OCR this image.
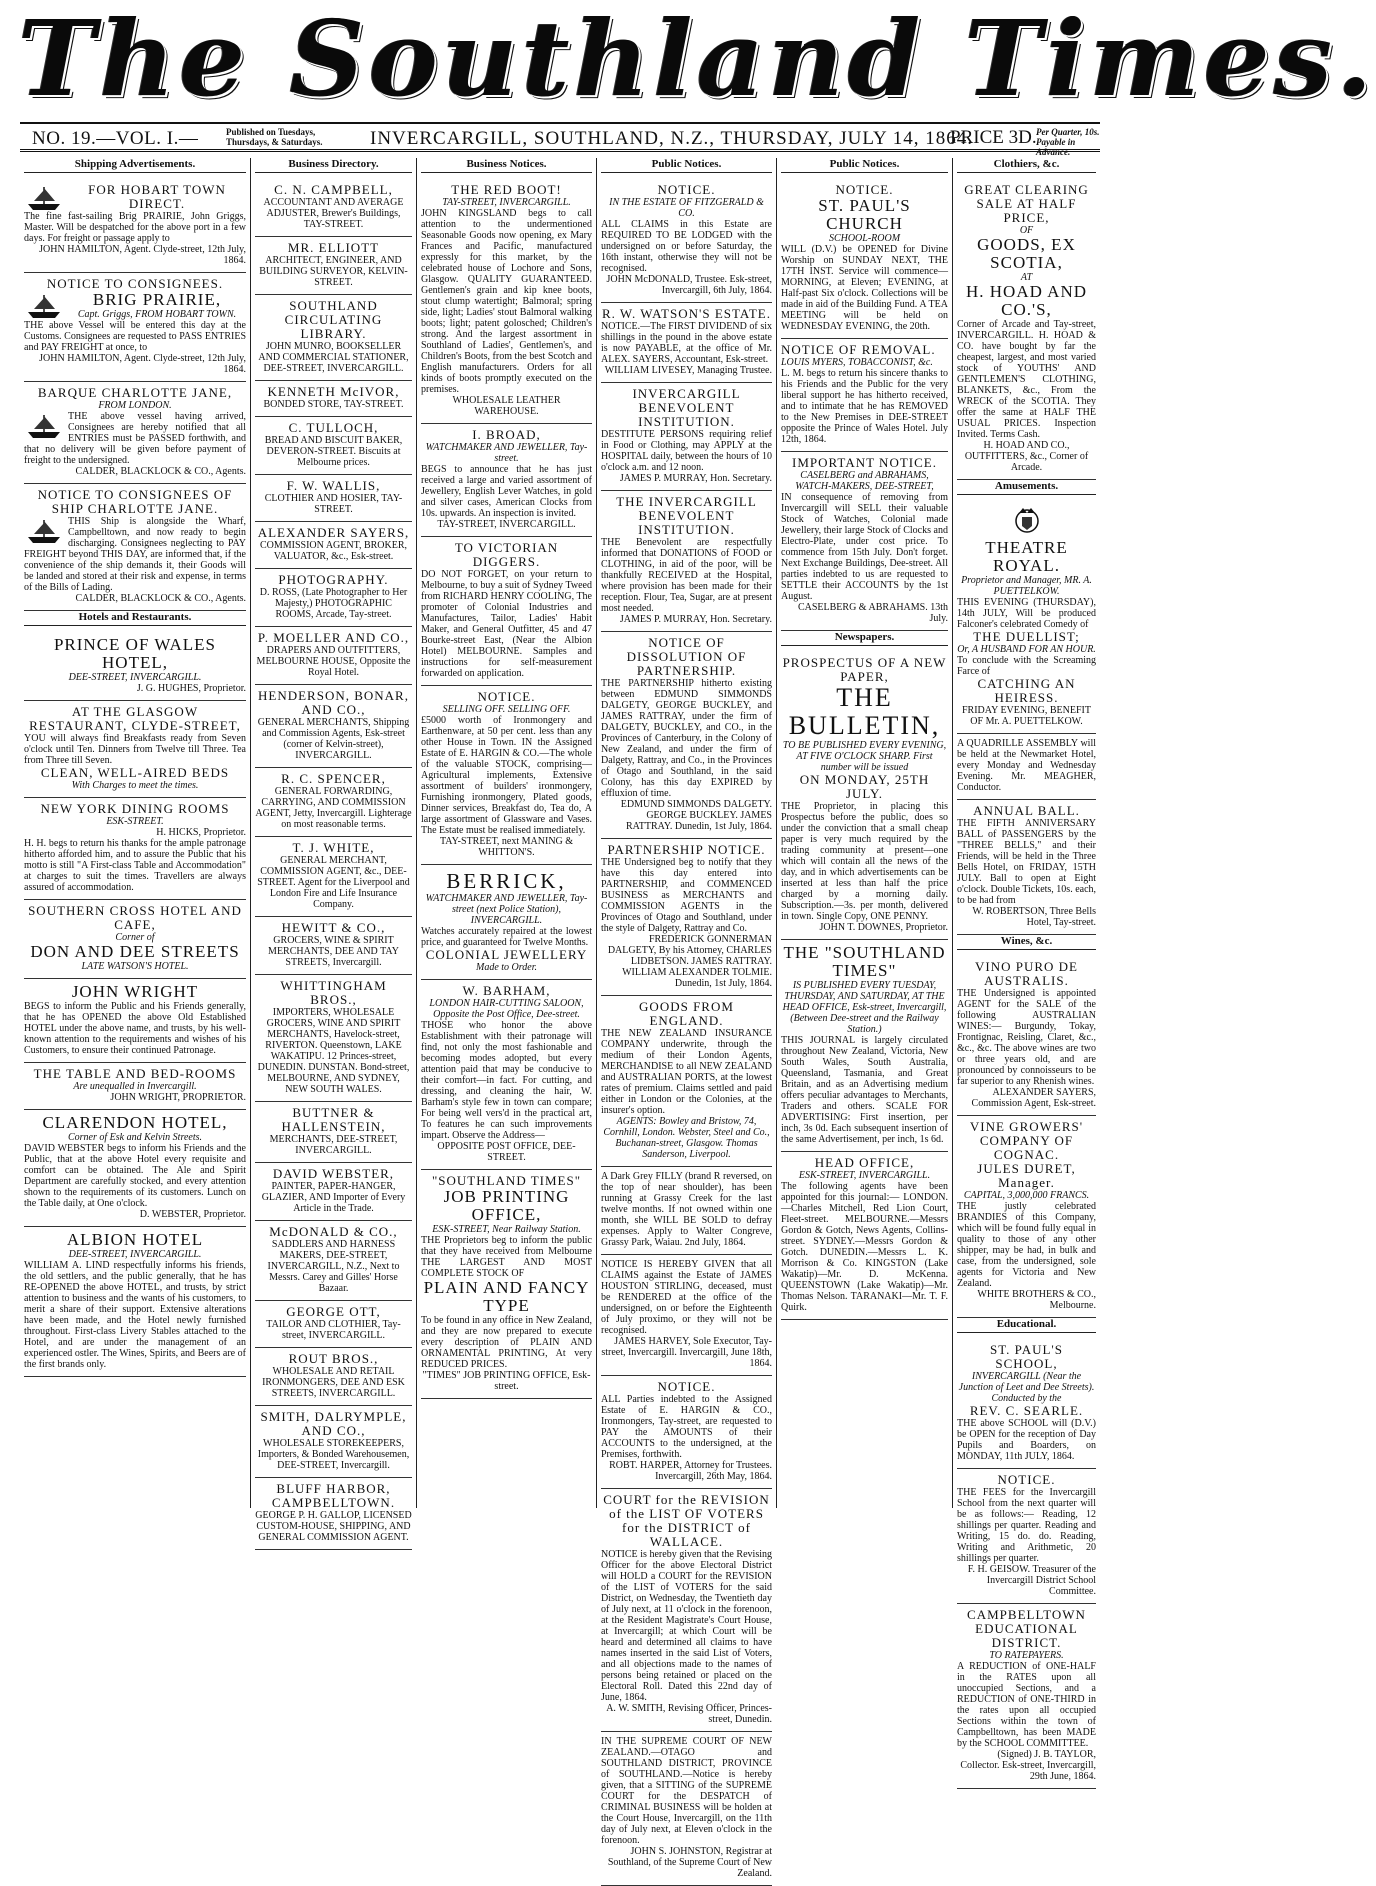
The Southland Times.
NO. 19.—VOL. I.—	Published on Tuesdays, Thursdays, & Saturdays.	INVERCARGILL, SOUTHLAND, N.Z., THURSDAY, JULY 14, 1864.
PRICE 3D. Per Quarter, 10s. Payable in Advance.
Shipping Advertisements.
FOR HOBART TOWN DIRECT.
The fine fast-sailing Brig PRAIRIE, John Griggs, Master. Will be despatched for the above port in a few days. For freight or passage apply to
JOHN HAMILTON, Agent. Clyde-street, 12th July, 1864.
NOTICE TO CONSIGNEES.
BRIG PRAIRIE,
Capt. Griggs, FROM HOBART TOWN.
THE above Vessel will be entered this day at the Customs. Consignees are requested to PASS ENTRIES and PAY FREIGHT at once, to
JOHN HAMILTON, Agent. Clyde-street, 12th July, 1864.
BARQUE CHARLOTTE JANE,
FROM LONDON.
THE above vessel having arrived, Consignees are hereby notified that all ENTRIES must be PASSED forthwith, and that no delivery will be given before payment of freight to the undersigned.
CALDER, BLACKLOCK & CO., Agents.
NOTICE TO CONSIGNEES OF SHIP CHARLOTTE JANE.
THIS Ship is alongside the Wharf, Campbelltown, and now ready to begin discharging. Consignees neglecting to PAY FREIGHT beyond THIS DAY, are informed that, if the convenience of the ship demands it, their Goods will be landed and stored at their risk and expense, in terms of the Bills of Lading.
CALDER, BLACKLOCK & CO., Agents.
Hotels and Restaurants.
PRINCE OF WALES HOTEL,
DEE-STREET, INVERCARGILL.
J. G. HUGHES, Proprietor.
AT THE GLASGOW RESTAURANT, CLYDE-STREET,
YOU will always find Breakfasts ready from Seven o'clock until Ten. Dinners from Twelve till Three. Tea from Three till Seven.
CLEAN, WELL-AIRED BEDS
With Charges to meet the times.
NEW YORK DINING ROOMS
ESK-STREET.
H. HICKS, Proprietor.
H. H. begs to return his thanks for the ample patronage hitherto afforded him, and to assure the Public that his motto is still "A First-class Table and Accommodation" at charges to suit the times. Travellers are always assured of accommodation.
SOUTHERN CROSS HOTEL AND CAFE,
Corner of
DON AND DEE STREETS
LATE WATSON'S HOTEL.
JOHN WRIGHT
BEGS to inform the Public and his Friends generally, that he has OPENED the above Old Established HOTEL under the above name, and trusts, by his well-known attention to the requirements and wishes of his Customers, to ensure their continued Patronage.
THE TABLE AND BED-ROOMS
Are unequalled in Invercargill.
JOHN WRIGHT, PROPRIETOR.
CLARENDON HOTEL,
Corner of Esk and Kelvin Streets.
DAVID WEBSTER begs to inform his Friends and the Public, that at the above Hotel every requisite and comfort can be obtained. The Ale and Spirit Department are carefully stocked, and every attention shown to the requirements of its customers. Lunch on the Table daily, at One o'clock.
D. WEBSTER, Proprietor.
ALBION HOTEL
DEE-STREET, INVERCARGILL.
WILLIAM A. LIND respectfully informs his friends, the old settlers, and the public generally, that he has RE-OPENED the above HOTEL, and trusts, by strict attention to business and the wants of his customers, to merit a share of their support. Extensive alterations have been made, and the Hotel newly furnished throughout. First-class Livery Stables attached to the Hotel, and are under the management of an experienced ostler. The Wines, Spirits, and Beers are of the first brands only.
Business Directory.
C. N. CAMPBELL,
ACCOUNTANT AND AVERAGE ADJUSTER, Brewer's Buildings, TAY-STREET.
MR. ELLIOTT
ARCHITECT, ENGINEER, AND BUILDING SURVEYOR, KELVIN-STREET.
SOUTHLAND CIRCULATING LIBRARY.
JOHN MUNRO, BOOKSELLER AND COMMERCIAL STATIONER, DEE-STREET, INVERCARGILL.
KENNETH McIVOR,
BONDED STORE, TAY-STREET.
C. TULLOCH,
BREAD AND BISCUIT BAKER, DEVERON-STREET. Biscuits at Melbourne prices.
F. W. WALLIS,
CLOTHIER AND HOSIER, TAY-STREET.
ALEXANDER SAYERS,
COMMISSION AGENT, BROKER, VALUATOR, &c., Esk-street.
PHOTOGRAPHY.
D. ROSS, (Late Photographer to Her Majesty,) PHOTOGRAPHIC ROOMS, Arcade, Tay-street.
P. MOELLER AND CO.,
DRAPERS AND OUTFITTERS, MELBOURNE HOUSE, Opposite the Royal Hotel.
HENDERSON, BONAR, AND CO.,
GENERAL MERCHANTS, Shipping and Commission Agents, Esk-street (corner of Kelvin-street), INVERCARGILL.
R. C. SPENCER,
GENERAL FORWARDING, CARRYING, AND COMMISSION AGENT, Jetty, Invercargill. Lighterage on most reasonable terms.
T. J. WHITE,
GENERAL MERCHANT, COMMISSION AGENT, &c., DEE-STREET. Agent for the Liverpool and London Fire and Life Insurance Company.
HEWITT & CO.,
GROCERS, WINE & SPIRIT MERCHANTS, DEE AND TAY STREETS, Invercargill.
WHITTINGHAM BROS.,
IMPORTERS, WHOLESALE GROCERS, WINE AND SPIRIT MERCHANTS, Havelock-street, RIVERTON. Queenstown, LAKE WAKATIPU. 12 Princes-street, DUNEDIN. DUNSTAN. Bond-street, MELBOURNE, AND SYDNEY, NEW SOUTH WALES.
BUTTNER & HALLENSTEIN,
MERCHANTS, DEE-STREET, INVERCARGILL.
DAVID WEBSTER,
PAINTER, PAPER-HANGER, GLAZIER, AND Importer of Every Article in the Trade.
McDONALD & CO.,
SADDLERS AND HARNESS MAKERS, DEE-STREET, INVERCARGILL, N.Z., Next to Messrs. Carey and Gilles' Horse Bazaar.
GEORGE OTT,
TAILOR AND CLOTHIER, Tay-street, INVERCARGILL.
ROUT BROS.,
WHOLESALE AND RETAIL IRONMONGERS, DEE AND ESK STREETS, INVERCARGILL.
SMITH, DALRYMPLE, AND CO.,
WHOLESALE STOREKEEPERS, Importers, & Bonded Warehousemen, DEE-STREET, Invercargill.
BLUFF HARBOR, CAMPBELLTOWN.
GEORGE P. H. GALLOP, LICENSED CUSTOM-HOUSE, SHIPPING, AND GENERAL COMMISSION AGENT.
Business Notices.
THE RED BOOT!
TAY-STREET, INVERCARGILL.
JOHN KINGSLAND begs to call attention to the undermentioned Seasonable Goods now opening, ex Mary Frances and Pacific, manufactured expressly for this market, by the celebrated house of Lochore and Sons, Glasgow. QUALITY GUARANTEED. Gentlemen's grain and kip knee boots, stout clump watertight; Balmoral; spring side, light; Ladies' stout Balmoral walking boots; light; patent golosched; Children's strong. And the largest assortment in Southland of Ladies', Gentlemen's, and Children's Boots, from the best Scotch and English manufacturers. Orders for all kinds of boots promptly executed on the premises.
WHOLESALE LEATHER WAREHOUSE.
I. BROAD,
WATCHMAKER AND JEWELLER, Tay-street.
BEGS to announce that he has just received a large and varied assortment of Jewellery, English Lever Watches, in gold and silver cases, American Clocks from 10s. upwards. An inspection is invited.
TAY-STREET, INVERCARGILL.
TO VICTORIAN DIGGERS.
DO NOT FORGET, on your return to Melbourne, to buy a suit of Sydney Tweed from RICHARD HENRY COOLING, The promoter of Colonial Industries and Manufactures, Tailor, Ladies' Habit Maker, and General Outfitter, 45 and 47 Bourke-street East, (Near the Albion Hotel) MELBOURNE. Samples and instructions for self-measurement forwarded on application.
NOTICE.
SELLING OFF. SELLING OFF.
£5000 worth of Ironmongery and Earthenware, at 50 per cent. less than any other House in Town. IN the Assigned Estate of E. HARGIN & CO.—The whole of the valuable STOCK, comprising—Agricultural implements, Extensive assortment of builders' ironmongery, Furnishing ironmongery, Plated goods, Dinner services, Breakfast do, Tea do, A large assortment of Glassware and Vases. The Estate must be realised immediately.
TAY-STREET, next MANING & WHITTON'S.
BERRICK,
WATCHMAKER AND JEWELLER, Tay-street (next Police Station), INVERCARGILL.
Watches accurately repaired at the lowest price, and guaranteed for Twelve Months.
COLONIAL JEWELLERY
Made to Order.
W. BARHAM,
LONDON HAIR-CUTTING SALOON, Opposite the Post Office, Dee-street.
THOSE who honor the above Establishment with their patronage will find, not only the most fashionable and becoming modes adopted, but every attention paid that may be conducive to their comfort—in fact. For cutting, and dressing, and cleaning the hair, W. Barham's style few in town can compare; For being well vers'd in the practical art, To features he can such improvements impart. Observe the Address—
OPPOSITE POST OFFICE, DEE-STREET.
"SOUTHLAND TIMES"
JOB PRINTING OFFICE,
ESK-STREET, Near Railway Station.
THE Proprietors beg to inform the public that they have received from Melbourne THE LARGEST AND MOST COMPLETE STOCK OF
PLAIN AND FANCY TYPE
To be found in any office in New Zealand, and they are now prepared to execute every description of PLAIN AND ORNAMENTAL PRINTING, At very REDUCED PRICES.
"TIMES" JOB PRINTING OFFICE, Esk-street.
Public Notices.
NOTICE.
IN THE ESTATE OF FITZGERALD & CO.
ALL CLAIMS in this Estate are REQUIRED TO BE LODGED with the undersigned on or before Saturday, the 16th instant, otherwise they will not be recognised.
JOHN McDONALD, Trustee. Esk-street, Invercargill, 6th July, 1864.
R. W. WATSON'S ESTATE.
NOTICE.—The FIRST DIVIDEND of six shillings in the pound in the above estate is now PAYABLE, at the office of Mr. ALEX. SAYERS, Accountant, Esk-street.
WILLIAM LIVESEY, Managing Trustee.
INVERCARGILL BENEVOLENT INSTITUTION.
DESTITUTE PERSONS requiring relief in Food or Clothing, may APPLY at the HOSPITAL daily, between the hours of 10 o'clock a.m. and 12 noon.
JAMES P. MURRAY, Hon. Secretary.
THE INVERCARGILL BENEVOLENT INSTITUTION.
THE Benevolent are respectfully informed that DONATIONS of FOOD or CLOTHING, in aid of the poor, will be thankfully RECEIVED at the Hospital, where provision has been made for their reception. Flour, Tea, Sugar, are at present most needed.
JAMES P. MURRAY, Hon. Secretary.
NOTICE OF DISSOLUTION OF PARTNERSHIP.
THE PARTNERSHIP hitherto existing between EDMUND SIMMONDS DALGETY, GEORGE BUCKLEY, and JAMES RATTRAY, under the firm of DALGETY, BUCKLEY, and CO., in the Provinces of Canterbury, in the Colony of New Zealand, and under the firm of Dalgety, Rattray, and Co., in the Provinces of Otago and Southland, in the said Colony, has this day EXPIRED by effluxion of time.
EDMUND SIMMONDS DALGETY. GEORGE BUCKLEY. JAMES RATTRAY. Dunedin, 1st July, 1864.
PARTNERSHIP NOTICE.
THE Undersigned beg to notify that they have this day entered into PARTNERSHIP, and COMMENCED BUSINESS as MERCHANTS and COMMISSION AGENTS in the Provinces of Otago and Southland, under the style of Dalgety, Rattray and Co.
FREDERICK GONNERMAN DALGETY, By his Attorney, CHARLES LIDBETSON. JAMES RATTRAY. WILLIAM ALEXANDER TOLMIE. Dunedin, 1st July, 1864.
GOODS FROM ENGLAND.
THE NEW ZEALAND INSURANCE COMPANY underwrite, through the medium of their London Agents, MERCHANDISE to all NEW ZEALAND and AUSTRALIAN PORTS, at the lowest rates of premium. Claims settled and paid either in London or the Colonies, at the insurer's option.
AGENTS: Bowley and Bristow, 74, Cornhill, London. Webster, Steel and Co., Buchanan-street, Glasgow. Thomas Sanderson, Liverpool.
A Dark Grey FILLY (brand R reversed, on the top of near shoulder), has been running at Grassy Creek for the last twelve months. If not owned within one month, she WILL BE SOLD to defray expenses. Apply to Walter Congreve, Grassy Park, Waiau. 2nd July, 1864.
NOTICE IS HEREBY GIVEN that all CLAIMS against the Estate of JAMES HOUSTON STIRLING, deceased, must be RENDERED at the office of the undersigned, on or before the Eighteenth of July proximo, or they will not be recognised.
JAMES HARVEY, Sole Executor, Tay-street, Invercargill. Invercargill, June 18th, 1864.
NOTICE.
ALL Parties indebted to the Assigned Estate of E. HARGIN & CO., Ironmongers, Tay-street, are requested to PAY the AMOUNTS of their ACCOUNTS to the undersigned, at the Premises, forthwith.
ROBT. HARPER, Attorney for Trustees. Invercargill, 26th May, 1864.
COURT for the REVISION of the LIST OF VOTERS for the DISTRICT of WALLACE.
NOTICE is hereby given that the Revising Officer for the above Electoral District will HOLD a COURT for the REVISION of the LIST of VOTERS for the said District, on Wednesday, the Twentieth day of July next, at 11 o'clock in the forenoon, at the Resident Magistrate's Court House, at Invercargill; at which Court will be heard and determined all claims to have names inserted in the said List of Voters, and all objections made to the names of persons being retained or placed on the Electoral Roll. Dated this 22nd day of June, 1864.
A. W. SMITH, Revising Officer, Princes-street, Dunedin.
IN THE SUPREME COURT OF NEW ZEALAND.—OTAGO and SOUTHLAND DISTRICT, PROVINCE of SOUTHLAND.—Notice is hereby given, that a SITTING of the SUPREME COURT for the DESPATCH of CRIMINAL BUSINESS will be holden at the Court House, Invercargill, on the 11th day of July next, at Eleven o'clock in the forenoon.
JOHN S. JOHNSTON, Registrar at Southland, of the Supreme Court of New Zealand.
Public Notices.
NOTICE.
ST. PAUL'S CHURCH
SCHOOL-ROOM
WILL (D.V.) be OPENED for Divine Worship on SUNDAY NEXT, THE 17TH INST. Service will commence—MORNING, at Eleven; EVENING, at Half-past Six o'clock. Collections will be made in aid of the Building Fund. A TEA MEETING will be held on WEDNESDAY EVENING, the 20th.
NOTICE OF REMOVAL.
LOUIS MYERS, TOBACCONIST, &c.
L. M. begs to return his sincere thanks to his Friends and the Public for the very liberal support he has hitherto received, and to intimate that he has REMOVED to the New Premises in DEE-STREET opposite the Prince of Wales Hotel. July 12th, 1864.
IMPORTANT NOTICE.
CASELBERG and ABRAHAMS, WATCH-MAKERS, DEE-STREET,
IN consequence of removing from Invercargill will SELL their valuable Stock of Watches, Colonial made Jewellery, their large Stock of Clocks and Electro-Plate, under cost price. To commence from 15th July. Don't forget. Next Exchange Buildings, Dee-street. All parties indebted to us are requested to SETTLE their ACCOUNTS by the 1st August.
CASELBERG & ABRAHAMS. 13th July.
Newspapers.
PROSPECTUS OF A NEW PAPER,
THE BULLETIN,
TO BE PUBLISHED EVERY EVENING, AT FIVE O'CLOCK SHARP. First number will be issued
ON MONDAY, 25TH JULY.
THE Proprietor, in placing this Prospectus before the public, does so under the conviction that a small cheap paper is very much required by the trading community at present—one which will contain all the news of the day, and in which advertisements can be inserted at less than half the price charged by a morning daily. Subscription.—3s. per month, delivered in town. Single Copy, ONE PENNY.
JOHN T. DOWNES, Proprietor.
THE "SOUTHLAND TIMES"
IS PUBLISHED EVERY TUESDAY, THURSDAY, AND SATURDAY, AT THE HEAD OFFICE, Esk-street, Invercargill, (Between Dee-street and the Railway Station.)
THIS JOURNAL is largely circulated throughout New Zealand, Victoria, New South Wales, South Australia, Queensland, Tasmania, and Great Britain, and as an Advertising medium offers peculiar advantages to Merchants, Traders and others. SCALE FOR ADVERTISING: First insertion, per inch, 3s 0d. Each subsequent insertion of the same Advertisement, per inch, 1s 6d.
HEAD OFFICE,
ESK-STREET, INVERCARGILL.
The following agents have been appointed for this journal:— LONDON.—Charles Mitchell, Red Lion Court, Fleet-street. MELBOURNE.—Messrs Gordon & Gotch, News Agents, Collins-street. SYDNEY.—Messrs Gordon & Gotch. DUNEDIN.—Messrs L. K. Morrison & Co. KINGSTON (Lake Wakatip)—Mr. D. McKenna. QUEENSTOWN (Lake Wakatip)—Mr. Thomas Nelson. TARANAKI—Mr. T. F. Quirk.
Clothiers, &c.
GREAT CLEARING SALE AT HALF PRICE,
OF
GOODS, EX SCOTIA,
AT
H. HOAD AND CO.'S,
Corner of Arcade and Tay-street, INVERCARGILL. H. HOAD & CO. have bought by far the cheapest, largest, and most varied stock of YOUTHS' AND GENTLEMEN'S CLOTHING, BLANKETS, &c., From the WRECK of the SCOTIA. They offer the same at HALF THE USUAL PRICES. Inspection Invited. Terms Cash.
H. HOAD AND CO., OUTFITTERS, &c., Corner of Arcade.
Amusements.
THEATRE ROYAL.
Proprietor and Manager, MR. A. PUETTELKOW.
THIS EVENING (THURSDAY), 14th JULY, Will be produced Falconer's celebrated Comedy of
THE DUELLIST;
Or, A HUSBAND FOR AN HOUR.
To conclude with the Screaming Farce of
CATCHING AN HEIRESS.
FRIDAY EVENING, BENEFIT OF Mr. A. PUETTELKOW.
A QUADRILLE ASSEMBLY will be held at the Newmarket Hotel, every Monday and Wednesday Evening. Mr. MEAGHER, Conductor.
ANNUAL BALL.
THE FIFTH ANNIVERSARY BALL of PASSENGERS by the "THREE BELLS," and their Friends, will be held in the Three Bells Hotel, on FRIDAY, 15TH JULY. Ball to open at Eight o'clock. Double Tickets, 10s. each, to be had from
W. ROBERTSON, Three Bells Hotel, Tay-street.
Wines, &c.
VINO PURO DE AUSTRALIS.
THE Undersigned is appointed AGENT for the SALE of the following AUSTRALIAN WINES:— Burgundy, Tokay, Frontignac, Reisling, Claret, &c., &c., &c. The above wines are two or three years old, and are pronounced by connoisseurs to be far superior to any Rhenish wines.
ALEXANDER SAYERS, Commission Agent, Esk-street.
VINE GROWERS' COMPANY OF COGNAC.
JULES DURET, Manager.
CAPITAL, 3,000,000 FRANCS.
THE justly celebrated BRANDIES of this Company, which will be found fully equal in quality to those of any other shipper, may be had, in bulk and case, from the undersigned, sole agents for Victoria and New Zealand.
WHITE BROTHERS & CO., Melbourne.
Educational.
ST. PAUL'S SCHOOL,
INVERCARGILL (Near the Junction of Leet and Dee Streets). Conducted by the
REV. C. SEARLE.
THE above SCHOOL will (D.V.) be OPEN for the reception of Day Pupils and Boarders, on MONDAY, 11th JULY, 1864.
NOTICE.
THE FEES for the Invercargill School from the next quarter will be as follows:— Reading, 12 shillings per quarter. Reading and Writing, 15 do. do. Reading, Writing and Arithmetic, 20 shillings per quarter.
F. H. GEISOW. Treasurer of the Invercargill District School Committee.
CAMPBELLTOWN EDUCATIONAL DISTRICT.
TO RATEPAYERS.
A REDUCTION of ONE-HALF in the RATES upon all unoccupied Sections, and a REDUCTION of ONE-THIRD in the rates upon all occupied Sections within the town of Campbelltown, has been MADE by the SCHOOL COMMITTEE.
(Signed) J. B. TAYLOR, Collector. Esk-street, Invercargill, 29th June, 1864.
